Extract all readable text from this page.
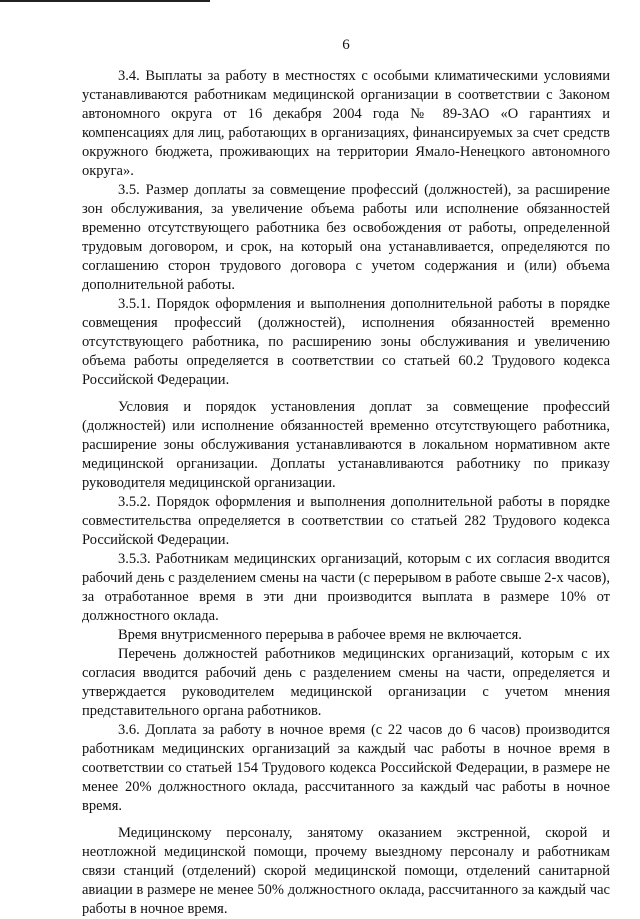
6

3.4. Выплаты за работу в местностях с особыми климатическими условиями устанавливаются работникам медицинской организации в соответствии с Законом автономного округа от 16 декабря 2004 года № 89-ЗАО «О гарантиях и компенсациях для лиц, работающих в организациях, финансируемых за счет средств окружного бюджета, проживающих на территории Ямало-Ненецкого автономного округа».

3.5. Размер доплаты за совмещение профессий (должностей), за расширение зон обслуживания, за увеличение объема работы или исполнение обязанностей временно отсутствующего работника без освобождения от работы, определенной трудовым договором, и срок, на который она устанавливается, определяются по соглашению сторон трудового договора с учетом содержания и (или) объема дополнительной работы.

3.5.1. Порядок оформления и выполнения дополнительной работы в порядке совмещения профессий (должностей), исполнения обязанностей временно отсутствующего работника, по расширению зоны обслуживания и увеличению объема работы определяется в соответствии со статьей 60.2 Трудового кодекса Российской Федерации.

Условия и порядок установления доплат за совмещение профессий (должностей) или исполнение обязанностей временно отсутствующего работника, расширение зоны обслуживания устанавливаются в локальном нормативном акте медицинской организации. Доплаты устанавливаются работнику по приказу руководителя медицинской организации.

3.5.2. Порядок оформления и выполнения дополнительной работы в порядке совместительства определяется в соответствии со статьей 282 Трудового кодекса Российской Федерации.

3.5.3. Работникам медицинских организаций, которым с их согласия вводится рабочий день с разделением смены на части (с перерывом в работе свыше 2-х часов), за отработанное время в эти дни производится выплата в размере 10% от должностного оклада.

Время внутрисменного перерыва в рабочее время не включается.

Перечень должностей работников медицинских организаций, которым с их согласия вводится рабочий день с разделением смены на части, определяется и утверждается руководителем медицинской организации с учетом мнения представительного органа работников.

3.6. Доплата за работу в ночное время (с 22 часов до 6 часов) производится работникам медицинских организаций за каждый час работы в ночное время в соответствии со статьей 154 Трудового кодекса Российской Федерации, в размере не менее 20% должностного оклада, рассчитанного за каждый час работы в ночное время.

Медицинскому персоналу, занятому оказанием экстренной, скорой и неотложной медицинской помощи, прочему выездному персоналу и работникам связи станций (отделений) скорой медицинской помощи, отделений санитарной авиации в размере не менее 50% должностного оклада, рассчитанного за каждый час работы в ночное время.
